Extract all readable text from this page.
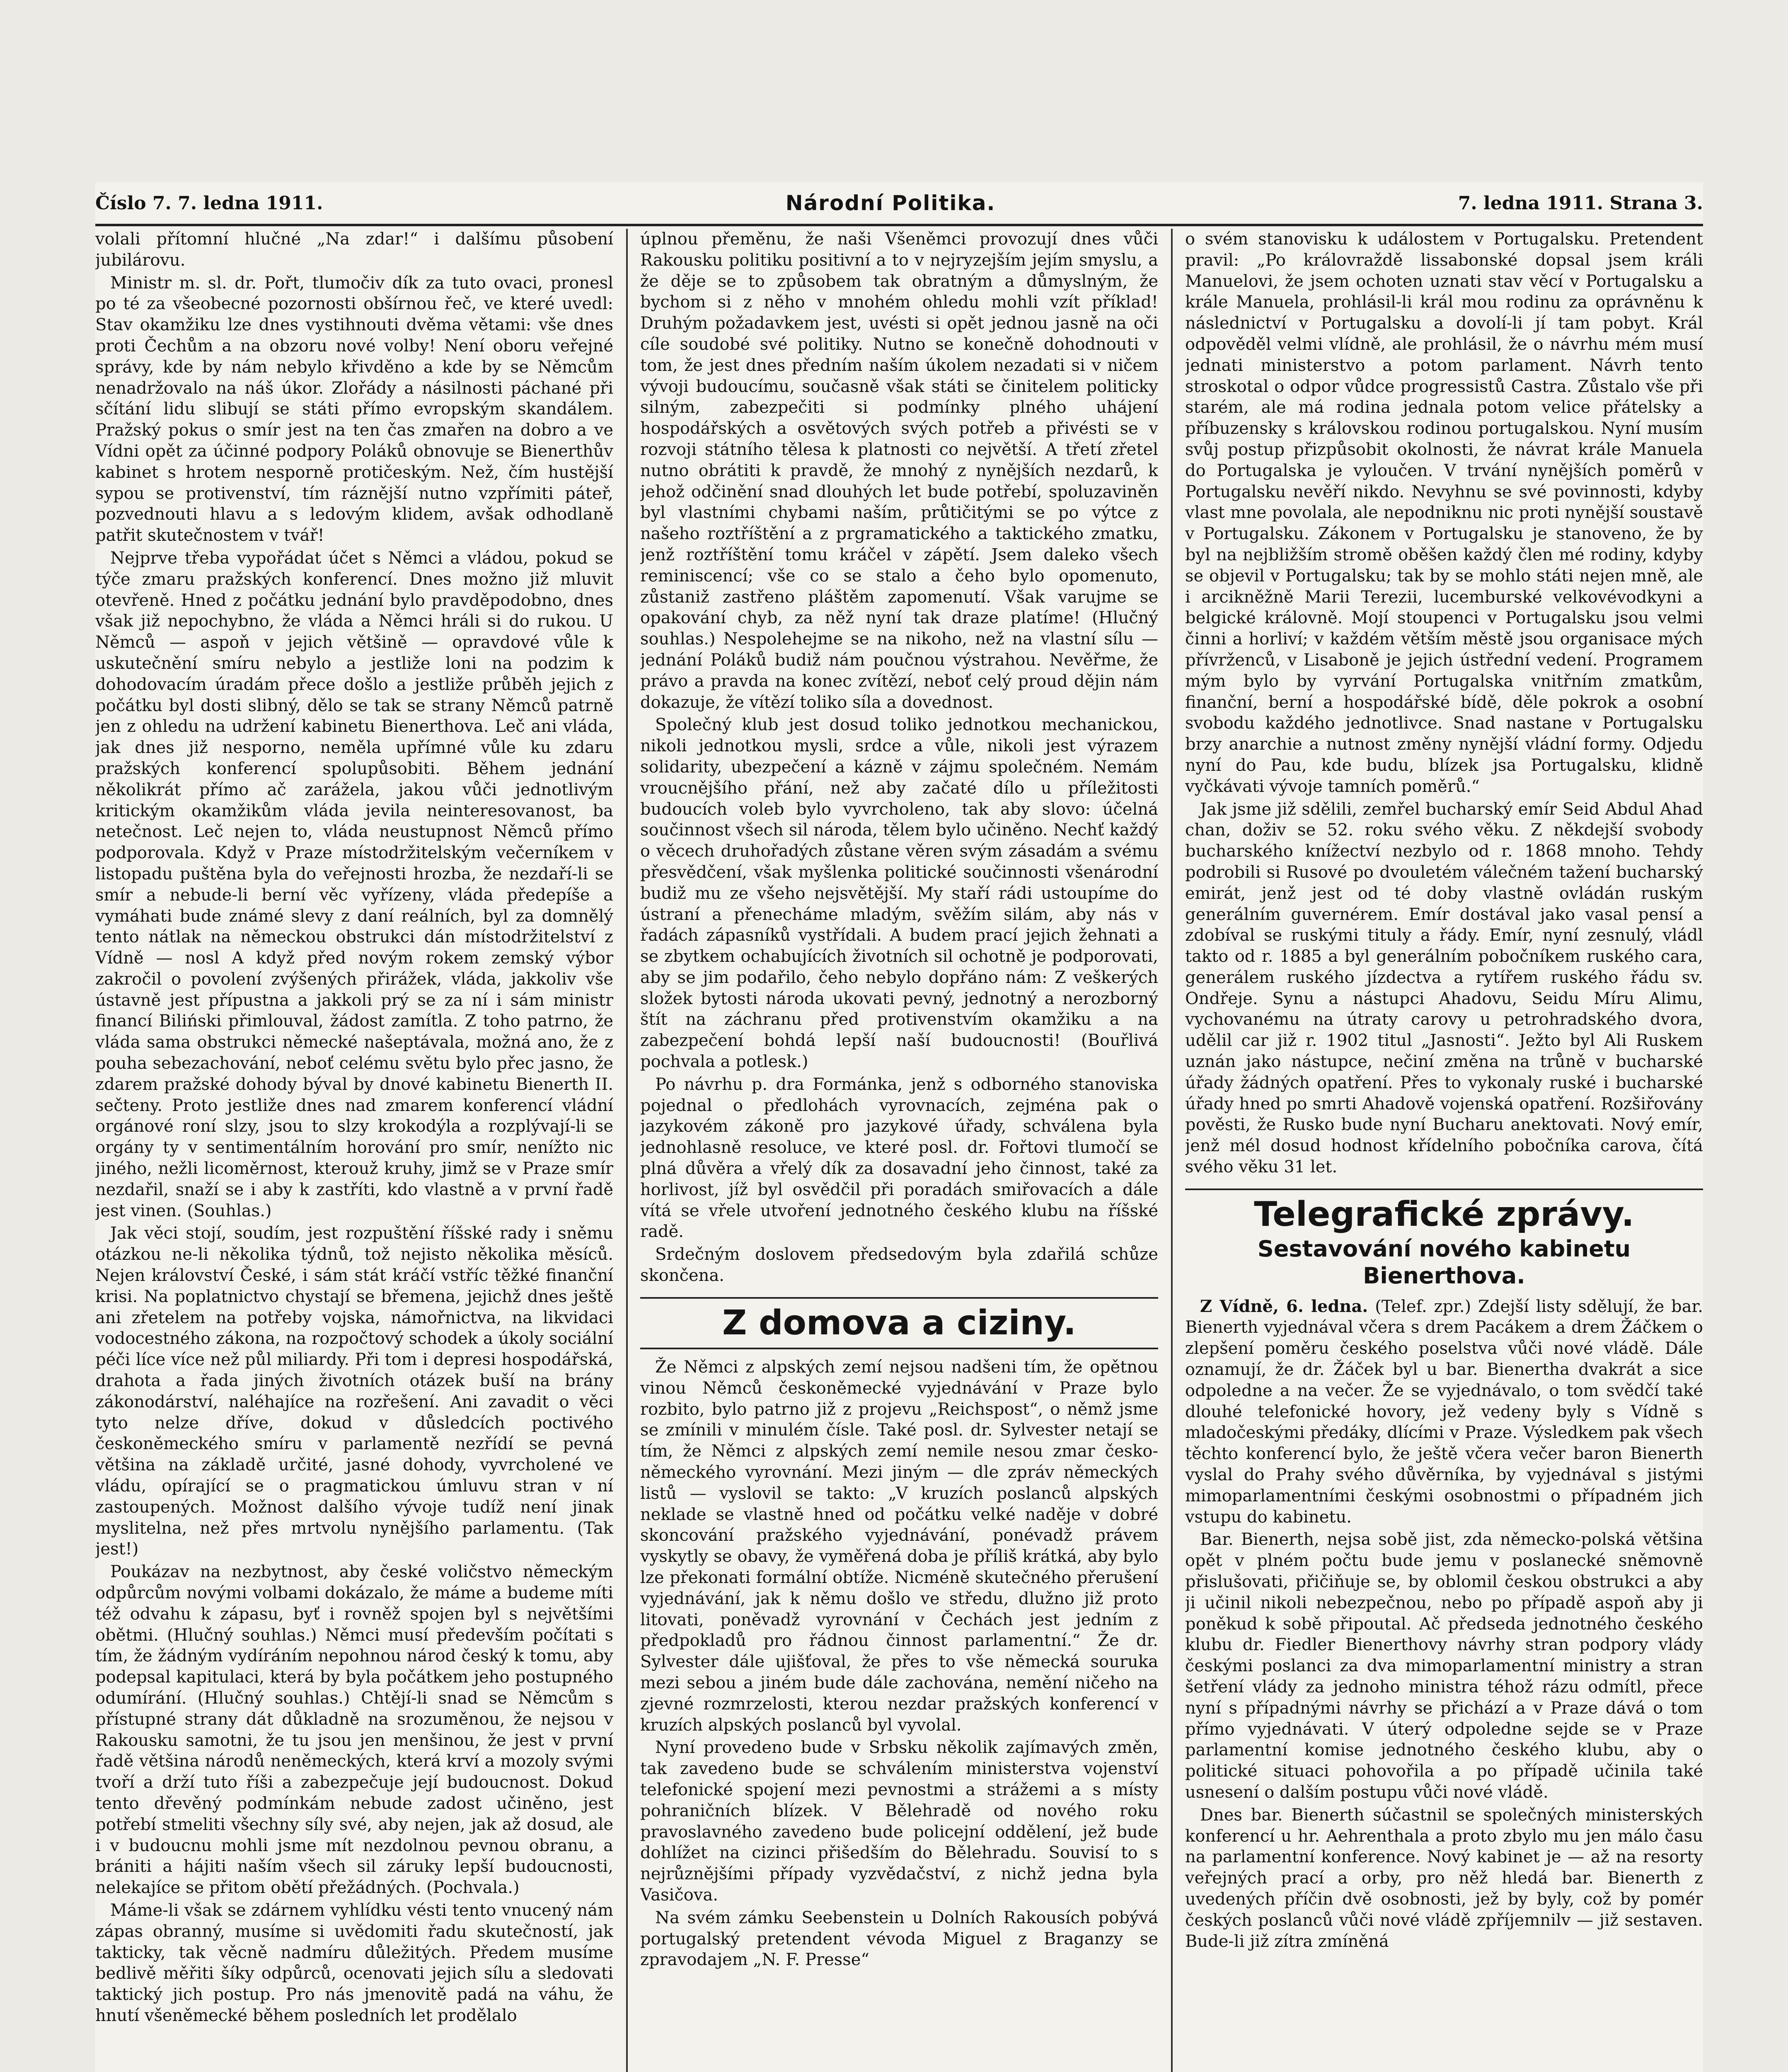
Číslo 7. 7. ledna 1911.	Národní Politika.	7. ledna 1911. Strana 3.

volali přítomní hlučné „Na zdar!“ i dalšímu působení jubilárovu.

Ministr m. sl. dr. Pořt, tlumočiv dík za tuto ovaci, pronesl po té za všeobecné pozornosti obšírnou řeč, ve které uvedl: Stav okamžiku lze dnes vystihnouti dvěma větami: vše dnes proti Čechům a na obzoru nové volby! Není oboru veřejné správy, kde by nám nebylo křivděno a kde by se Němcům nenadržovalo na náš úkor. Zlořády a násilnosti páchané při sčítání lidu slibují se státi přímo evropským skandálem. Pražský pokus o smír jest na ten čas zmařen na dobro a ve Vídni opět za účinné podpory Poláků obnovuje se Bienerthův kabinet s hrotem nesporně protičeským. Než, čím hustější sypou se protivenství, tím ráznější nutno vzpřímiti páteř, pozvednouti hlavu a s ledovým klidem, avšak odhodlaně patřit skutečnostem v tvář!

Nejprve třeba vypořádat účet s Němci a vládou, pokud se týče zmaru pražských konferencí. Dnes možno již mluvit otevřeně. Hned z počátku jednání bylo pravděpodobno, dnes však již nepochybno, že vláda a Němci hráli si do rukou. U Němců — aspoň v jejich většině — opravdové vůle k uskutečnění smíru nebylo a jestliže loni na podzim k dohodovacím úradám přece došlo a jestliže průběh jejich z počátku byl dosti slibný, dělo se tak se strany Němců patrně jen z ohledu na udržení kabinetu Bienerthova. Leč ani vláda, jak dnes již nesporno, neměla upřímné vůle ku zdaru pražských konferencí spolupůsobiti. Během jednání několikrát přímo ač zarážela, jakou vůči jednotlivým kritickým okamžikům vláda jevila neinteresovanost, ba netečnost. Leč nejen to, vláda neustupnost Němců přímo podporovala. Když v Praze místodržitelským večerníkem v listopadu puštěna byla do veřejnosti hrozba, že nezdaří-li se smír a nebude-li berní věc vyřízeny, vláda předepíše a vymáhati bude známé slevy z daní reálních, byl za domnělý tento nátlak na německou obstrukci dán místodržitelství z Vídně — nosl A když před novým rokem zemský výbor zakročil o povolení zvýšených přirážek, vláda, jakkoliv vše ústavně jest přípustna a jakkoli prý se za ní i sám ministr financí Biliński přimlouval, žádost zamítla. Z toho patrno, že vláda sama obstrukci německé našeptávala, možná ano, že z pouha sebezachování, neboť celému světu bylo přec jasno, že zdarem pražské dohody býval by dnové kabinetu Bienerth II. sečteny. Proto jestliže dnes nad zmarem konferencí vládní orgánové roní slzy, jsou to slzy krokodýla a rozplývají-li se orgány ty v sentimentálním horování pro smír, nenížto nic jiného, nežli licoměrnost, kterouž kruhy, jimž se v Praze smír nezdařil, snaží se i aby k zastříti, kdo vlastně a v první řadě jest vinen. (Souhlas.)

Jak věci stojí, soudím, jest rozpuštění říšské rady i sněmu otázkou ne-li několika týdnů, tož nejisto několika měsíců. Nejen království České, i sám stát kráčí vstříc těžké finanční krisi. Na poplatnictvo chystají se břemena, jejichž dnes ještě ani zřetelem na potřeby vojska, námořnictva, na likvidaci vodocestného zákona, na rozpočtový schodek a úkoly sociální péči líce více než půl miliardy. Při tom i depresi hospodářská, drahota a řada jiných životních otázek buší na brány zákonodárství, naléhajíce na rozřešení. Ani zavadit o věci tyto nelze dříve, dokud v důsledcích poctivého českoněmeckého smíru v parlamentě nezřídí se pevná většina na základě určité, jasné dohody, vyvrcholené ve vládu, opírající se o pragmatickou úmluvu stran v ní zastoupených. Možnost dalšího vývoje tudíž není jinak myslitelna, než přes mrtvolu nynějšího parlamentu. (Tak jest!)

Poukázav na nezbytnost, aby české voličstvo německým odpůrcům novými volbami dokázalo, že máme a budeme míti též odvahu k zápasu, byť i rovněž spojen byl s největšími obětmi. (Hlučný souhlas.) Němci musí především počítati s tím, že žádným vydíráním nepohnou národ český k tomu, aby podepsal kapitulaci, která by byla počátkem jeho postupného odumírání. (Hlučný souhlas.) Chtějí-li snad se Němcům s přístupné strany dát důkladně na srozuměnou, že nejsou v Rakousku samotni, že tu jsou jen menšinou, že jest v první řadě většina národů neněmeckých, která krví a mozoly svými tvoří a drží tuto říši a zabezpečuje její budoucnost. Dokud tento dřevěný podmínkám nebude zadost učiněno, jest potřebí stmeliti všechny síly své, aby nejen, jak až dosud, ale i v budoucnu mohli jsme mít nezdolnou pevnou obranu, a brániti a hájiti naším všech sil záruky lepší budoucnosti, nelekajíce se přitom obětí přežádných. (Pochvala.)

Máme-li však se zdárnem vyhlídku vésti tento vnucený nám zápas obranný, musíme si uvědomiti řadu skutečností, jak takticky, tak věcně nadmíru důležitých. Předem musíme bedlivě měřiti šíky odpůrců, ocenovati jejich sílu a sledovati taktický jich postup. Pro nás jmenovitě padá na váhu, že hnutí všeněmecké během posledních let prodělalo

úplnou přeměnu, že naši Všeněmci provozují dnes vůči Rakousku politiku positivní a to v nejryzejším jejím smyslu, a že děje se to způsobem tak obratným a důmyslným, že bychom si z něho v mnohém ohledu mohli vzít příklad! Druhým požadavkem jest, uvésti si opět jednou jasně na oči cíle soudobé své politiky. Nutno se konečně dohodnouti v tom, že jest dnes předním naším úkolem nezadati si v ničem vývoji budoucímu, současně však státi se činitelem politicky silným, zabezpečiti si podmínky plného uhájení hospodářských a osvětových svých potřeb a přivésti se v rozvoji státního tělesa k platnosti co největší. A třetí zřetel nutno obrátiti k pravdě, že mnohý z nynějších nezdarů, k jehož odčinění snad dlouhých let bude potřebí, spoluzaviněn byl vlastními chybami naším, průtičitými se po výtce z našeho roztříštění a z prgramatického a taktického zmatku, jenž roztříštění tomu kráčel v zápětí. Jsem daleko všech reminiscencí; vše co se stalo a čeho bylo opomenuto, zůstaniž zastřeno pláštěm zapomenutí. Však varujme se opakování chyb, za něž nyní tak draze platíme! (Hlučný souhlas.) Nespolehejme se na nikoho, než na vlastní sílu — jednání Poláků budiž nám poučnou výstrahou. Nevěřme, že právo a pravda na konec zvítězí, neboť celý proud dějin nám dokazuje, že vítězí toliko síla a dovednost.

Společný klub jest dosud toliko jednotkou mechanickou, nikoli jednotkou mysli, srdce a vůle, nikoli jest výrazem solidarity, ubezpečení a kázně v zájmu společném. Nemám vroucnějšího přání, než aby začaté dílo u příležitosti budoucích voleb bylo vyvrcholeno, tak aby slovo: účelná součinnost všech sil národa, tělem bylo učiněno. Nechť každý o věcech druhořadých zůstane věren svým zásadám a svému přesvědčení, však myšlenka politické součinnosti všenárodní budiž mu ze všeho nejsvětější. My staří rádi ustoupíme do ústraní a přenecháme mladým, svěžím silám, aby nás v řadách zápasníků vystřídali. A budem prací jejich žehnati a se zbytkem ochabujících životních sil ochotně je podporovati, aby se jim podařilo, čeho nebylo dopřáno nám: Z veškerých složek bytosti národa ukovati pevný, jednotný a nerozborný štít na záchranu před protivenstvím okamžiku a na zabezpečení bohdá lepší naší budoucnosti! (Bouřlivá pochvala a potlesk.)

Po návrhu p. dra Formánka, jenž s odborného stanoviska pojednal o předlohách vyrovnacích, zejména pak o jazykovém zákoně pro jazykové úřady, schválena byla jednohlasně resoluce, ve které posl. dr. Fořtovi tlumočí se plná důvěra a vřelý dík za dosavadní jeho činnost, také za horlivost, jíž byl osvědčil při poradách smiřovacích a dále vítá se vřele utvoření jednotného českého klubu na říšské radě.

Srdečným doslovem předsedovým byla zdařilá schůze skončena.

Z domova a ciziny.

Že Němci z alpských zemí nejsou nadšeni tím, že opětnou vinou Němců českoněmecké vyjednávání v Praze bylo rozbito, bylo patrno již z projevu „Reichspost“, o němž jsme se zmínili v minulém čísle. Také posl. dr. Sylvester netají se tím, že Němci z alpských zemí nemile nesou zmar česko-německého vyrovnání. Mezi jiným — dle zpráv německých listů — vyslovil se takto: „V kruzích poslanců alpských neklade se vlastně hned od počátku velké naděje v dobré skoncování pražského vyjednávání, ponévadž právem vyskytly se obavy, že vyměřená doba je příliš krátká, aby bylo lze překonati formální obtíže. Nicméně skutečného přerušení vyjednávání, jak k němu došlo ve středu, dlužno již proto litovati, poněvadž vyrovnání v Čechách jest jedním z předpokladů pro řádnou činnost parlamentní.“ Že dr. Sylvester dále ujišťoval, že přes to vše německá souruka mezi sebou a jiném bude dále zachována, nemění ničeho na zjevné rozmrzelosti, kterou nezdar pražských konferencí v kruzích alpských poslanců byl vyvolal.

Nyní provedeno bude v Srbsku několik zajímavých změn, tak zavedeno bude se schválením ministerstva vojenství telefonické spojení mezi pevnostmi a strážemi a s místy pohraničních blízek. V Bělehradě od nového roku pravoslavného zavedeno bude policejní oddělení, jež bude dohlížet na cizinci přišedším do Bělehradu. Souvisí to s nejrůznějšími případy vyzvědačství, z nichž jedna byla Vasičova.

Na svém zámku Seebenstein u Dolních Rakousích pobývá portugalský pretendent vévoda Miguel z Braganzy se zpravodajem „N. F. Presse“

o svém stanovisku k událostem v Portugalsku. Pretendent pravil: „Po královraždě lissabonské dopsal jsem králi Manuelovi, že jsem ochoten uznati stav věcí v Portugalsku a krále Manuela, prohlásil-li král mou rodinu za oprávněnu k následnictví v Portugalsku a dovolí-li jí tam pobyt. Král odpověděl velmi vlídně, ale prohlásil, že o návrhu mém musí jednati ministerstvo a potom parlament. Návrh tento stroskotal o odpor vůdce progressistů Castra. Zůstalo vše při starém, ale má rodina jednala potom velice přátelsky a příbuzensky s královskou rodinou portugalskou. Nyní musím svůj postup přizpůsobit okolnosti, že návrat krále Manuela do Portugalska je vyloučen. V trvání nynějších poměrů v Portugalsku nevěří nikdo. Nevyhnu se své povinnosti, kdyby vlast mne povolala, ale nepodniknu nic proti nynější soustavě v Portugalsku. Zákonem v Portugalsku je stanoveno, že by byl na nejbližším stromě oběšen každý člen mé rodiny, kdyby se objevil v Portugalsku; tak by se mohlo státi nejen mně, ale i arcikněžně Marii Terezii, lucemburské velkovévodkyni a belgické královně. Mojí stoupenci v Portugalsku jsou velmi činni a horliví; v každém větším městě jsou organisace mých přívrženců, v Lisaboně je jejich ústřední vedení. Programem mým bylo by vyrvání Portugalska vnitřním zmatkům, finanční, berní a hospodářské bídě, děle pokrok a osobní svobodu každého jednotlivce. Snad nastane v Portugalsku brzy anarchie a nutnost změny nynější vládní formy. Odjedu nyní do Pau, kde budu, blízek jsa Portugalsku, klidně vyčkávati vývoje tamních poměrů.“

Jak jsme již sdělili, zemřel bucharský emír Seid Abdul Ahad chan, doživ se 52. roku svého věku. Z někdejší svobody bucharského knížectví nezbylo od r. 1868 mnoho. Tehdy podrobili si Rusové po dvouletém válečném tažení bucharský emirát, jenž jest od té doby vlastně ovládán ruským generálním guvernérem. Emír dostával jako vasal pensí a zdobíval se ruskými tituly a řády. Emír, nyní zesnulý, vládl takto od r. 1885 a byl generálním pobočníkem ruského cara, generálem ruského jízdectva a rytířem ruského řádu sv. Ondřeje. Synu a nástupci Ahadovu, Seidu Míru Alimu, vychovanému na útraty carovy u petrohradského dvora, udělil car již r. 1902 titul „Jasnosti“. Ježto byl Ali Ruskem uznán jako nástupce, nečiní změna na trůně v bucharské úřady žádných opatření. Přes to vykonaly ruské i bucharské úřady hned po smrti Ahadově vojenská opatření. Rozšiřovány pověsti, že Rusko bude nyní Bucharu anektovati. Nový emír, jenž mél dosud hodnost křídelního pobočníka carova, čítá svého věku 31 let.

Telegrafické zprávy.
Sestavování nového kabinetu Bienerthova.

Z Vídně, 6. ledna. (Telef. zpr.) Zdejší listy sdělují, že bar. Bienerth vyjednával včera s drem Pacákem a drem Žáčkem o zlepšení poměru českého poselstva vůči nové vládě. Dále oznamují, že dr. Žáček byl u bar. Bienertha dvakrát a sice odpoledne a na večer. Že se vyjednávalo, o tom svědčí také dlouhé telefonické hovory, jež vedeny byly s Vídně s mladočeskými předáky, dlícími v Praze. Výsledkem pak všech těchto konferencí bylo, že ještě včera večer baron Bienerth vyslal do Prahy svého důvěrníka, by vyjednával s jistými mimoparlamentními českými osobnostmi o případném jich vstupu do kabinetu.

Bar. Bienerth, nejsa sobě jist, zda německo-polská většina opět v plném počtu bude jemu v poslanecké sněmovně přislušovati, přičiňuje se, by oblomil českou obstrukci a aby ji učinil nikoli nebezpečnou, nebo po případě aspoň aby ji poněkud k sobě připoutal. Ač předseda jednotného českého klubu dr. Fiedler Bienerthovy návrhy stran podpory vlády českými poslanci za dva mimoparlamentní ministry a stran šetření vlády za jednoho ministra téhož rázu odmítl, přece nyní s případnými návrhy se přichází a v Praze dává o tom přímo vyjednávati. V úterý odpoledne sejde se v Praze parlamentní komise jednotného českého klubu, aby o politické situaci pohovořila a po případě učinila také usnesení o dalším postupu vůči nové vládě.

Dnes bar. Bienerth súčastnil se společných ministerských konferencí u hr. Aehrenthala a proto zbylo mu jen málo času na parlamentní konference. Nový kabinet je — až na resorty veřejných prací a orby, pro něž hledá bar. Bienerth z uvedených příčin dvě osobnosti, jež by byly, což by pomér českých poslanců vůči nové vládě zpříjemnilv — již sestaven. Bude-li již zítra zmíněná
